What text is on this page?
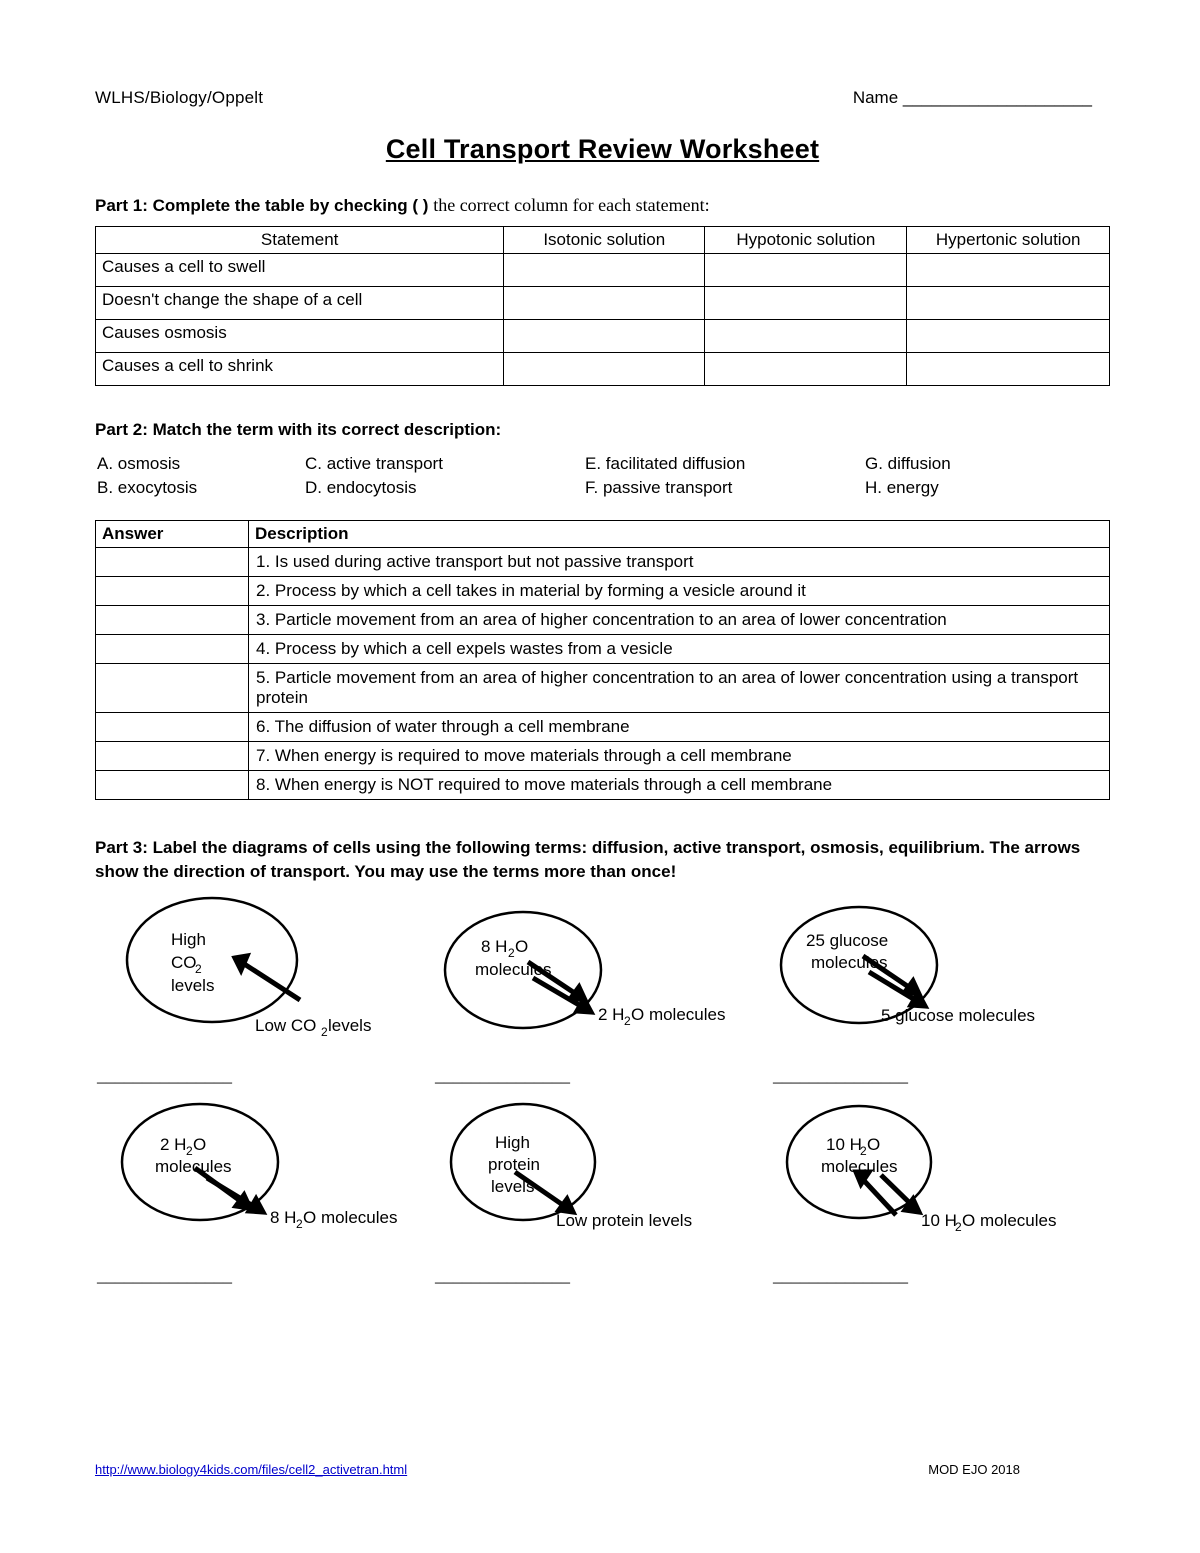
WLHS/Biology/Oppelt	Name ____________________
Cell Transport Review Worksheet
Part 1: Complete the table by checking ( ) the correct column for each statement:
Statement	Isotonic solution	Hypotonic solution	Hypertonic solution
Causes a cell to swell			
Doesn't change the shape of a cell			
Causes osmosis			
Causes a cell to shrink			
Part 2: Match the term with its correct description:
A. osmosis	C. active transport	E. facilitated diffusion	G. diffusion
B. exocytosis	D. endocytosis	F. passive transport	H. energy
Answer	Description
	1. Is used during active transport but not passive transport
	2. Process by which a cell takes in material by forming a vesicle around it
	3. Particle movement from an area of higher concentration to an area of lower concentration
	4. Process by which a cell expels wastes from a vesicle
	5. Particle movement from an area of higher concentration to an area of lower concentration using a transport protein
	6. The diffusion of water through a cell membrane
	7. When energy is required to move materials through a cell membrane
	8. When energy is NOT required to move materials through a cell membrane
Part 3: Label the diagrams of cells using the following terms: diffusion, active transport, osmosis, equilibrium. The arrows show the direction of transport. You may use the terms more than once!
High
CO
2
levels
Low CO 2 levels
_______________
8 H 2 O
molecules
2 H 2 O molecules
_______________
25 glucose
molecules
5 glucose molecules
_______________
2 H 2 O
molecules
8 H 2 O molecules
_______________
High
protein
levels
Low protein levels
_______________
10 H
2 O
molecules
10 H
2 O molecules
_______________
http://www.biology4kids.com/files/cell2_activetran.html	MOD EJO 2018
